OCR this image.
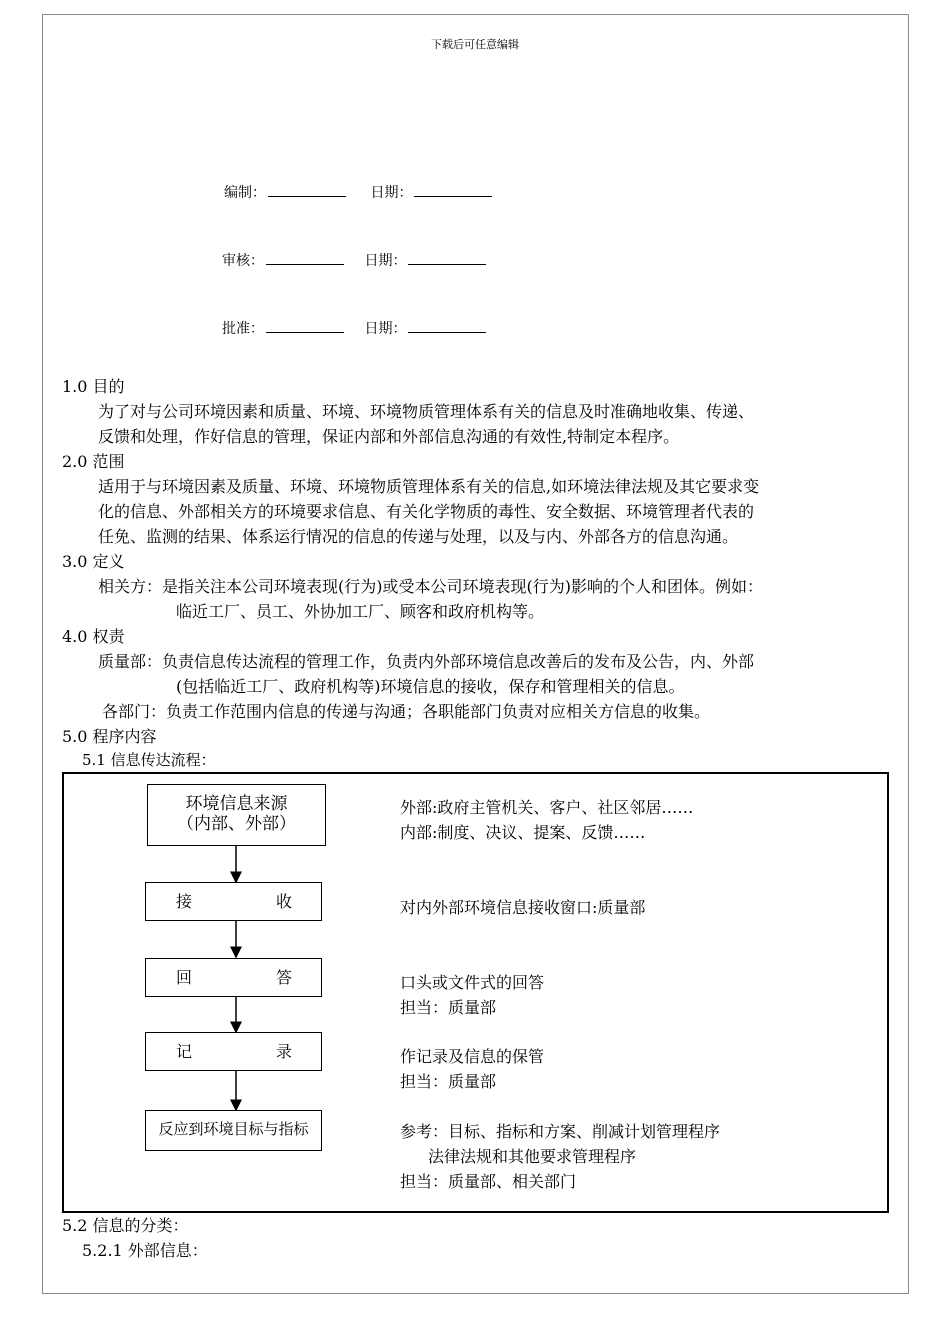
下载后可任意编辑
编制：	日期：
审核：	日期：
批准：	日期：
1.0 目的
为了对与公司环境因素和质量、环境、环境物质管理体系有关的信息及时准确地收集、传递、
反馈和处理，作好信息的管理，保证内部和外部信息沟通的有效性,特制定本程序。
2.0 范围
适用于与环境因素及质量、环境、环境物质管理体系有关的信息,如环境法律法规及其它要求变
化的信息、外部相关方的环境要求信息、有关化学物质的毒性、安全数据、环境管理者代表的
任免、监测的结果、体系运行情况的信息的传递与处理，以及与内、外部各方的信息沟通。
3.0 定义
相关方：是指关注本公司环境表现(行为)或受本公司环境表现(行为)影响的个人和团体。例如：
临近工厂、员工、外协加工厂、顾客和政府机构等。
4.0 权责
质量部：负责信息传达流程的管理工作，负责内外部环境信息改善后的发布及公告，内、外部
(包括临近工厂、政府机构等)环境信息的接收，保存和管理相关的信息。
各部门：负责工作范围内信息的传递与沟通；各职能部门负责对应相关方信息的收集。
5.0 程序内容
5.1 信息传达流程：
环境信息来源
（内部、外部）
接	收
回	答
记	录
反应到环境目标与指标
外部:政府主管机关、客户、社区邻居……
内部:制度、决议、提案、反馈……
对内外部环境信息接收窗口:质量部
口头或文件式的回答
担当：质量部
作记录及信息的保管
担当：质量部
参考：目标、指标和方案、削减计划管理程序
法律法规和其他要求管理程序
担当：质量部、相关部门
5.2 信息的分类：
5.2.1 外部信息：
